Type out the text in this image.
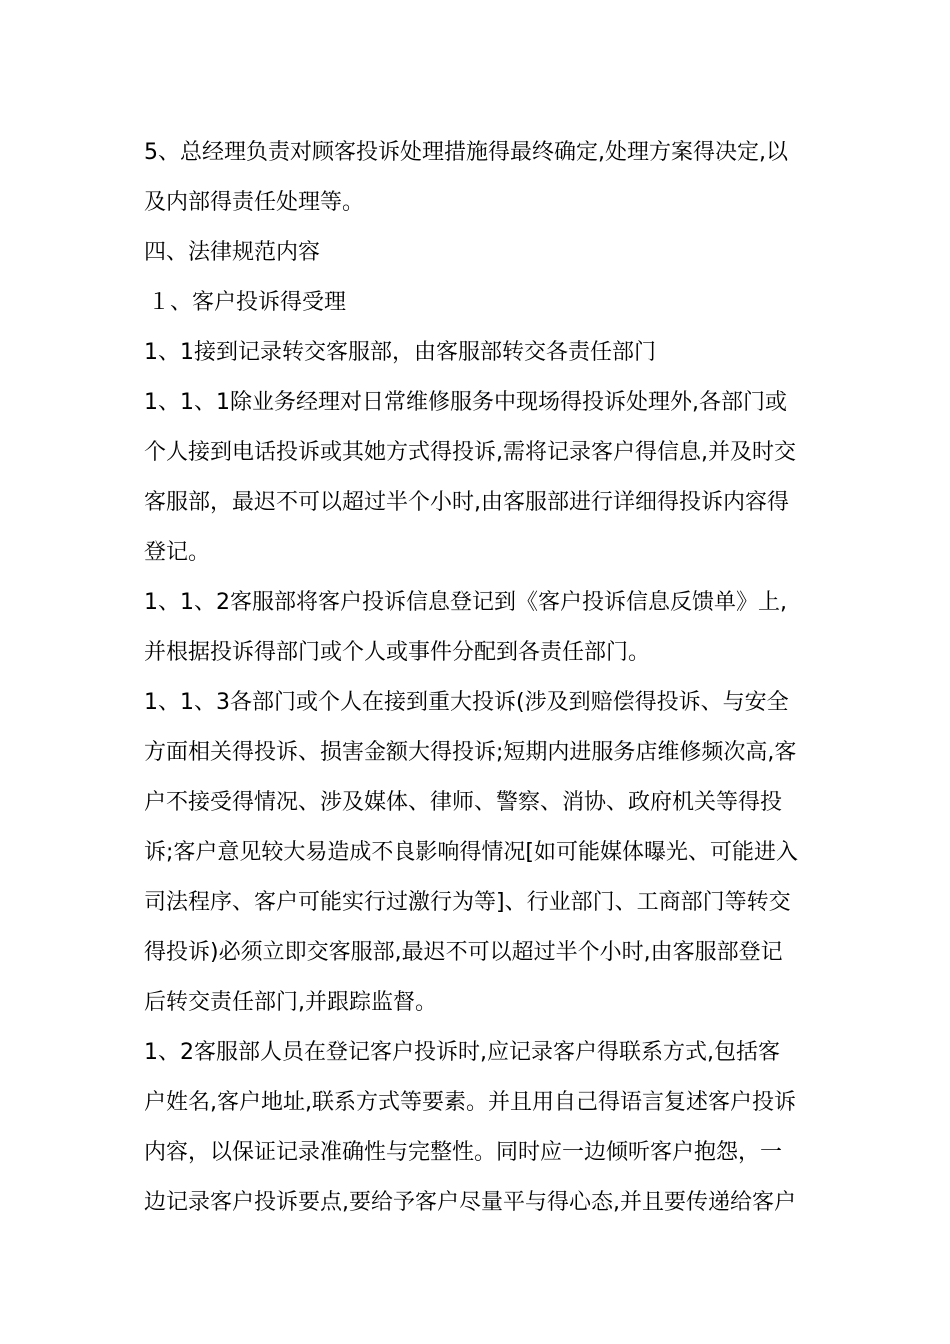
5、总经理负责对顾客投诉处理措施得最终确定,处理方案得决定,以
及内部得责任处理等。
四、法律规范内容
１、客户投诉得受理
1、1接到记录转交客服部，由客服部转交各责任部门
1、1、1除业务经理对日常维修服务中现场得投诉处理外,各部门或
个人接到电话投诉或其她方式得投诉,需将记录客户得信息,并及时交
客服部，最迟不可以超过半个小时,由客服部进行详细得投诉内容得
登记。
1、1、2客服部将客户投诉信息登记到《客户投诉信息反馈单》上,
并根据投诉得部门或个人或事件分配到各责任部门。
1、1、3各部门或个人在接到重大投诉(涉及到赔偿得投诉、与安全
方面相关得投诉、损害金额大得投诉;短期内进服务店维修频次高,客
户不接受得情况、涉及媒体、律师、警察、消协、政府机关等得投
诉;客户意见较大易造成不良影响得情况[如可能媒体曝光、可能进入
司法程序、客户可能实行过激行为等]、行业部门、工商部门等转交
得投诉)必须立即交客服部,最迟不可以超过半个小时,由客服部登记
后转交责任部门,并跟踪监督。
1、2客服部人员在登记客户投诉时,应记录客户得联系方式,包括客
户姓名,客户地址,联系方式等要素。并且用自己得语言复述客户投诉
内容，以保证记录准确性与完整性。同时应一边倾听客户抱怨，一
边记录客户投诉要点,要给予客户尽量平与得心态,并且要传递给客户
